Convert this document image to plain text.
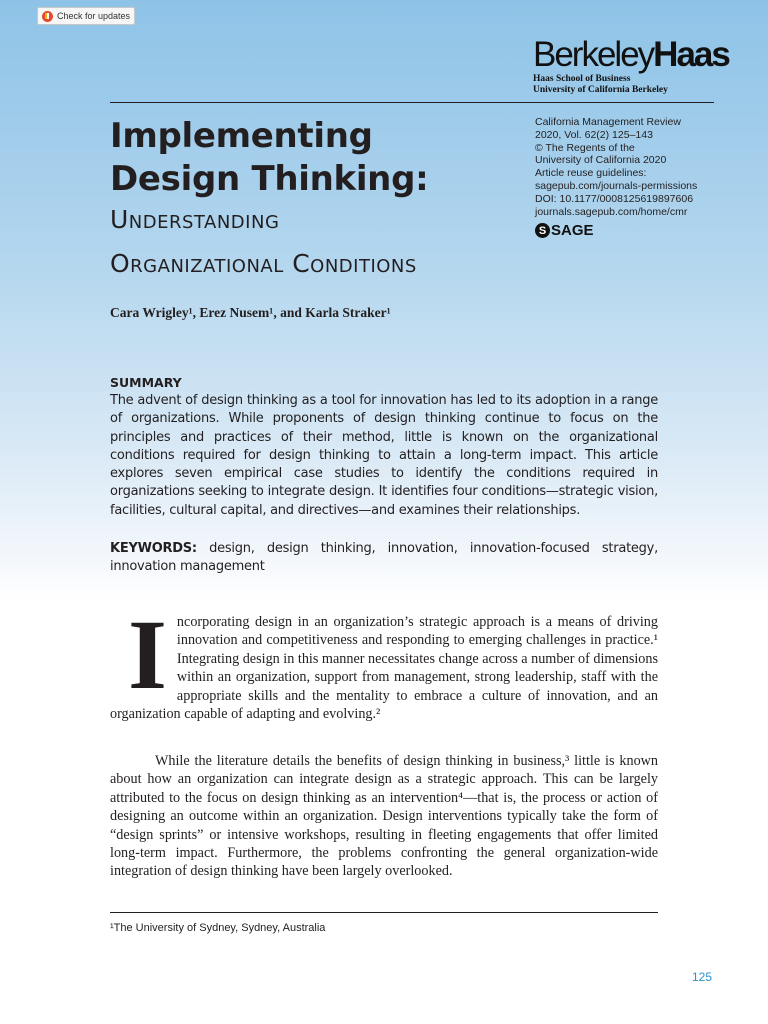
Check for updates
BerkeleyHaas
Haas School of Business
University of California Berkeley
Implementing Design Thinking:
Understanding
Organizational Conditions
California Management Review
2020, Vol. 62(2) 125–143
© The Regents of the
University of California 2020
Article reuse guidelines:
sagepub.com/journals-permissions
DOI: 10.1177/0008125619897606
journals.sagepub.com/home/cmr
S SAGE
Cara Wrigley¹, Erez Nusem¹, and Karla Straker¹
SUMMARY

The advent of design thinking as a tool for innovation has led to its adoption in a range of organizations. While proponents of design thinking continue to focus on the principles and practices of their method, little is known on the organizational conditions required for design thinking to attain a long-term impact. This article explores seven empirical case studies to identify the conditions required in organizations seeking to integrate design. It identifies four conditions—strategic vision, facilities, cultural capital, and directives—and examines their relationships.

KEYWORDS: design, design thinking, innovation, innovation-focused strategy, innovation management

Incorporating design in an organization’s strategic approach is a means of driving innovation and competitiveness and responding to emerging challenges in practice.¹ Integrating design in this manner necessitates change across a number of dimensions within an organization, support from management, strong leadership, staff with the appropriate skills and the mentality to embrace a culture of innovation, and an organization capable of adapting and evolving.²

While the literature details the benefits of design thinking in business,³ little is known about how an organization can integrate design as a strategic approach. This can be largely attributed to the focus on design thinking as an intervention⁴—that is, the process or action of designing an outcome within an organization. Design interventions typically take the form of “design sprints” or intensive workshops, resulting in fleeting engagements that offer limited long-term impact. Furthermore, the problems confronting the general organization-wide integration of design thinking have been largely overlooked.

¹The University of Sydney, Sydney, Australia
125
